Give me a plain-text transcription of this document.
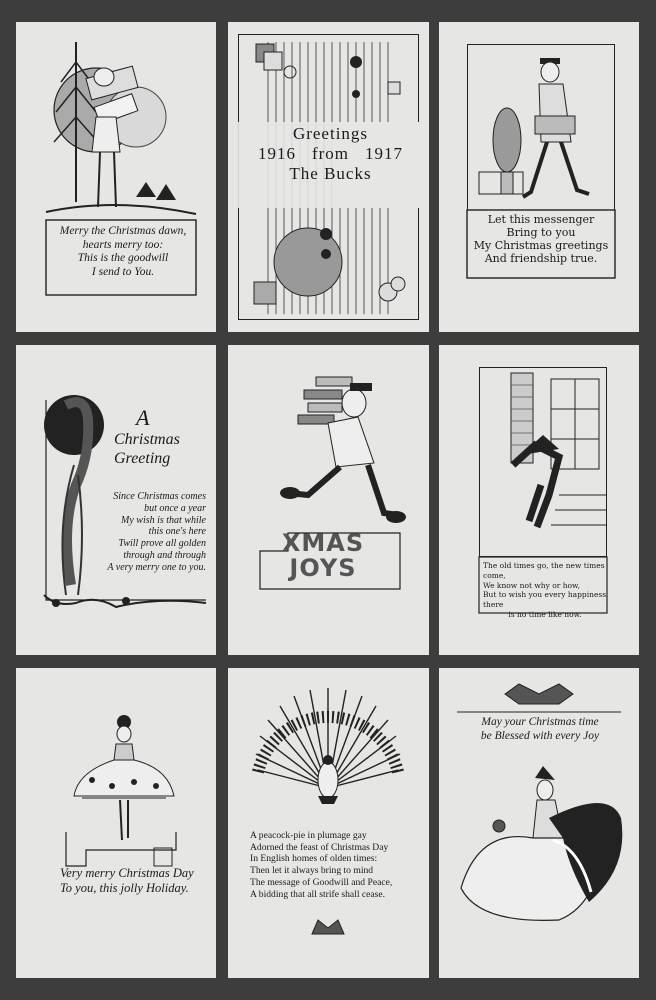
Merry the Christmas dawn,
hearts merry too:
This is the goodwill
I send to You.
Greetings
1916 from 1917
The Bucks
Let this messenger
Bring to you
My Christmas greetings
And friendship true.
A
Christmas
Greeting
Since Christmas comes
but once a year
My wish is that while
this one's here
Twill prove all golden
through and through
A very merry one to you.
XMAS
JOYS	The old times go, the new times come,
We know not why or how,
But to wish you every happiness there
is no time like now.
Very merry Christmas Day
To you, this jolly Holiday.
A peacock-pie in plumage gay
Adorned the feast of Christmas Day
In English homes of olden times:
Then let it always bring to mind
The message of Goodwill and Peace,
A bidding that all strife shall cease.
May your Christmas time
be Blessed with every Joy
